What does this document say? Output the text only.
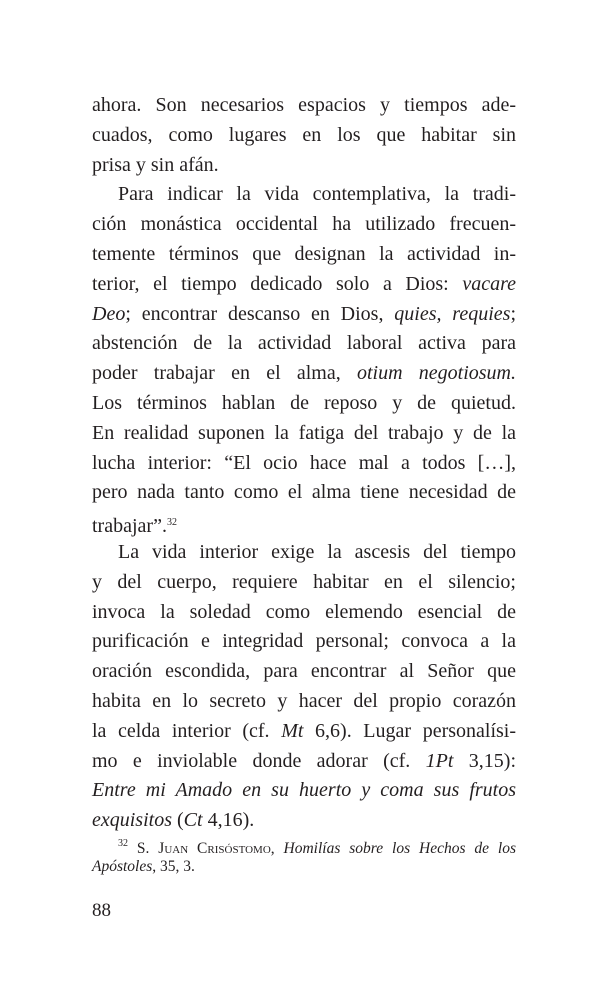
ahora. Son necesarios espacios y tiempos ade-
cuados, como lugares en los que habitar sin
prisa y sin afán.
Para indicar la vida contemplativa, la tradi-
ción monástica occidental ha utilizado frecuen-
temente términos que designan la actividad in-
terior, el tiempo dedicado solo a Dios: vacare
Deo; encontrar descanso en Dios, quies, requies;
abstención de la actividad laboral activa para
poder trabajar en el alma, otium negotiosum.
Los términos hablan de reposo y de quietud.
En realidad suponen la fatiga del trabajo y de la
lucha interior: “El ocio hace mal a todos […],
pero nada tanto como el alma tiene necesidad de
trabajar”.$^{32}$
La vida interior exige la ascesis del tiempo
y del cuerpo, requiere habitar en el silencio;
invoca la soledad como elemendo esencial de
purificación e integridad personal; convoca a la
oración escondida, para encontrar al Señor que
habita en lo secreto y hacer del propio corazón
la celda interior (cf. Mt 6,6). Lugar personalísi-
mo e inviolable donde adorar (cf. 1Pt 3,15):
Entre mi Amado en su huerto y coma sus frutos
exquisitos (Ct 4,16).
$^{32}$ S. Juan Crisóstomo, Homilías sobre los Hechos de los
Apóstoles, 35, 3.
88
